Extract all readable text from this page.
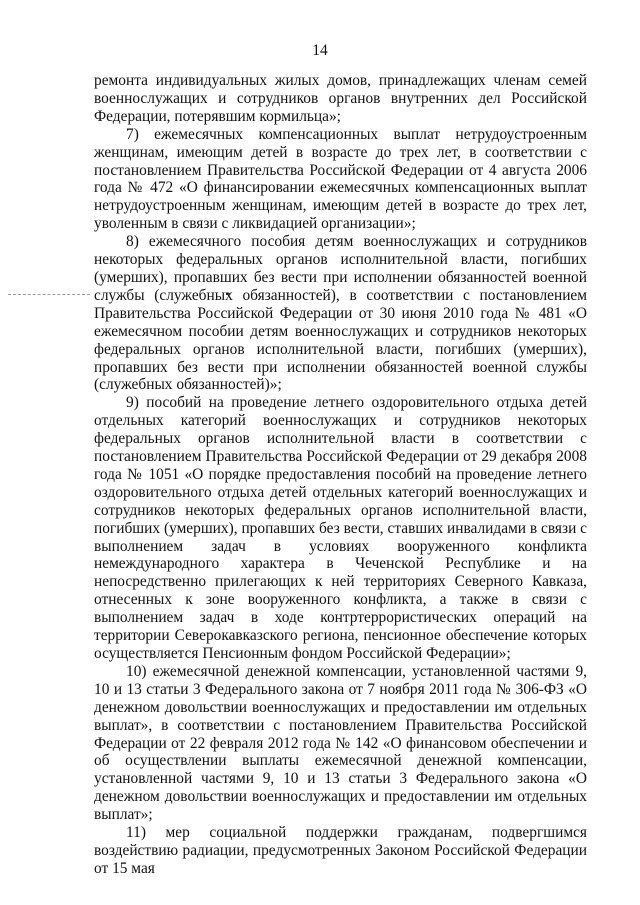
14

ремонта индивидуальных жилых домов, принадлежащих членам семей военнослужащих и сотрудников органов внутренних дел Российской Федерации, потерявшим кормильца»;

7) ежемесячных компенсационных выплат нетрудоустроенным женщинам, имеющим детей в возрасте до трех лет, в соответствии с постановлением Правительства Российской Федерации от 4 августа 2006 года № 472 «О финансировании ежемесячных компенсационных выплат нетрудоустроенным женщинам, имеющим детей в возрасте до трех лет, уволенным в связи с ликвидацией организации»;

8) ежемесячного пособия детям военнослужащих и сотрудников некоторых федеральных органов исполнительной власти, погибших (умерших), пропавших без вести при исполнении обязанностей военной службы (служебных обязанностей), в соответствии с постановлением Правительства Российской Федерации от 30 июня 2010 года № 481 «О ежемесячном пособии детям военнослужащих и сотрудников некоторых федеральных органов исполнительной власти, погибших (умерших), пропавших без вести при исполнении обязанностей военной службы (служебных обязанностей)»;

9) пособий на проведение летнего оздоровительного отдыха детей отдельных категорий военнослужащих и сотрудников некоторых федеральных органов исполнительной власти в соответствии с постановлением Правительства Российской Федерации от 29 декабря 2008 года № 1051 «О порядке предоставления пособий на проведение летнего оздоровительного отдыха детей отдельных категорий военнослужащих и сотрудников некоторых федеральных органов исполнительной власти, погибших (умерших), пропавших без вести, ставших инвалидами в связи с выполнением задач в условиях вооруженного конфликта немеждународного характера в Чеченской Республике и на непосредственно прилегающих к ней территориях Северного Кавказа, отнесенных к зоне вооруженного конфликта, а также в связи с выполнением задач в ходе контртеррористических операций на территории Северокавказского региона, пенсионное обеспечение которых осуществляется Пенсионным фондом Российской Федерации»;

10) ежемесячной денежной компенсации, установленной частями 9, 10 и 13 статьи 3 Федерального закона от 7 ноября 2011 года № 306-ФЗ «О денежном довольствии военнослужащих и предоставлении им отдельных выплат», в соответствии с постановлением Правительства Российской Федерации от 22 февраля 2012 года № 142 «О финансовом обеспечении и об осуществлении выплаты ежемесячной денежной компенсации, установленной частями 9, 10 и 13 статьи 3 Федерального закона «О денежном довольствии военнослужащих и предоставлении им отдельных выплат»;

11) мер социальной поддержки гражданам, подвергшимся воздействию радиации, предусмотренных Законом Российской Федерации от 15 мая
